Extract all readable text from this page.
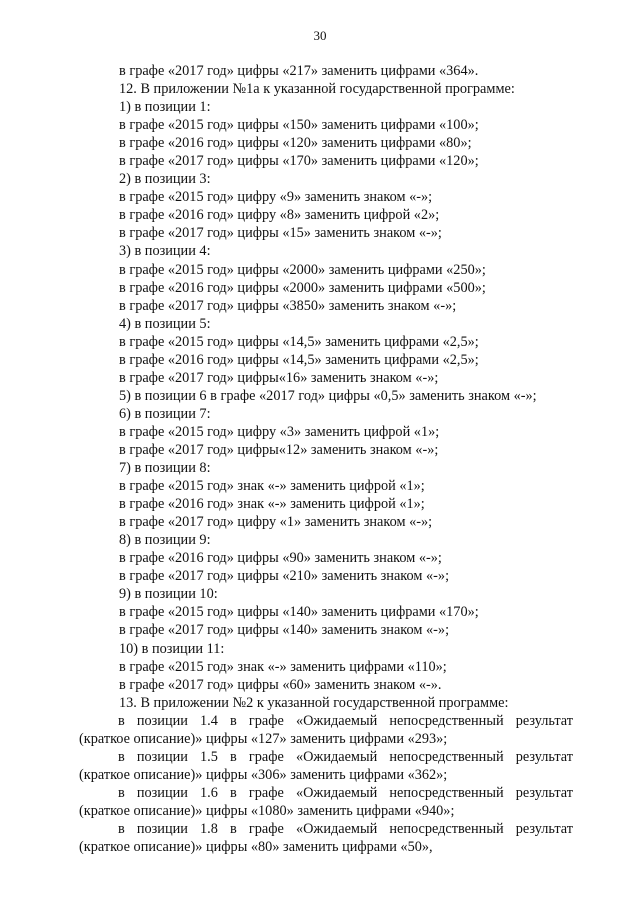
30
в графе «2017 год» цифры «217» заменить цифрами «364».
12. В приложении №1а к указанной государственной программе:
1) в позиции 1:
в графе «2015 год» цифры «150» заменить цифрами «100»;
в графе «2016 год» цифры «120» заменить цифрами «80»;
в графе «2017 год» цифры «170» заменить цифрами «120»;
2) в позиции 3:
в графе «2015 год» цифру «9» заменить знаком «-»;
в графе «2016 год» цифру «8» заменить цифрой «2»;
в графе «2017 год» цифры «15» заменить знаком «-»;
3) в позиции 4:
в графе «2015 год» цифры «2000» заменить цифрами «250»;
в графе «2016 год» цифры «2000» заменить цифрами «500»;
в графе «2017 год» цифры «3850» заменить знаком «-»;
4) в позиции 5:
в графе «2015 год» цифры «14,5» заменить цифрами «2,5»;
в графе «2016 год» цифры «14,5» заменить цифрами «2,5»;
в графе «2017 год» цифры«16» заменить знаком «-»;
5) в позиции 6 в графе «2017 год» цифры «0,5» заменить знаком «-»;
6) в позиции 7:
в графе «2015 год» цифру «3» заменить цифрой «1»;
в графе «2017 год» цифры«12» заменить знаком «-»;
7) в позиции 8:
в графе «2015 год» знак «-» заменить цифрой «1»;
в графе «2016 год» знак «-» заменить цифрой «1»;
в графе «2017 год» цифру «1» заменить знаком «-»;
8) в позиции 9:
в графе «2016 год» цифры «90» заменить знаком «-»;
в графе «2017 год» цифры «210» заменить знаком «-»;
9) в позиции 10:
в графе «2015 год» цифры «140» заменить цифрами «170»;
в графе «2017 год» цифры «140» заменить знаком «-»;
10) в позиции 11:
в графе «2015 год» знак «-» заменить цифрами «110»;
в графе «2017 год» цифры «60» заменить знаком «-».
13. В приложении №2 к указанной государственной программе:
в позиции 1.4 в графе «Ожидаемый непосредственный результат
(краткое описание)» цифры «127» заменить цифрами «293»;
в позиции 1.5 в графе «Ожидаемый непосредственный результат
(краткое описание)» цифры «306» заменить цифрами «362»;
в позиции 1.6 в графе «Ожидаемый непосредственный результат
(краткое описание)» цифры «1080» заменить цифрами «940»;
в позиции 1.8 в графе «Ожидаемый непосредственный результат
(краткое описание)» цифры «80» заменить цифрами «50»,
